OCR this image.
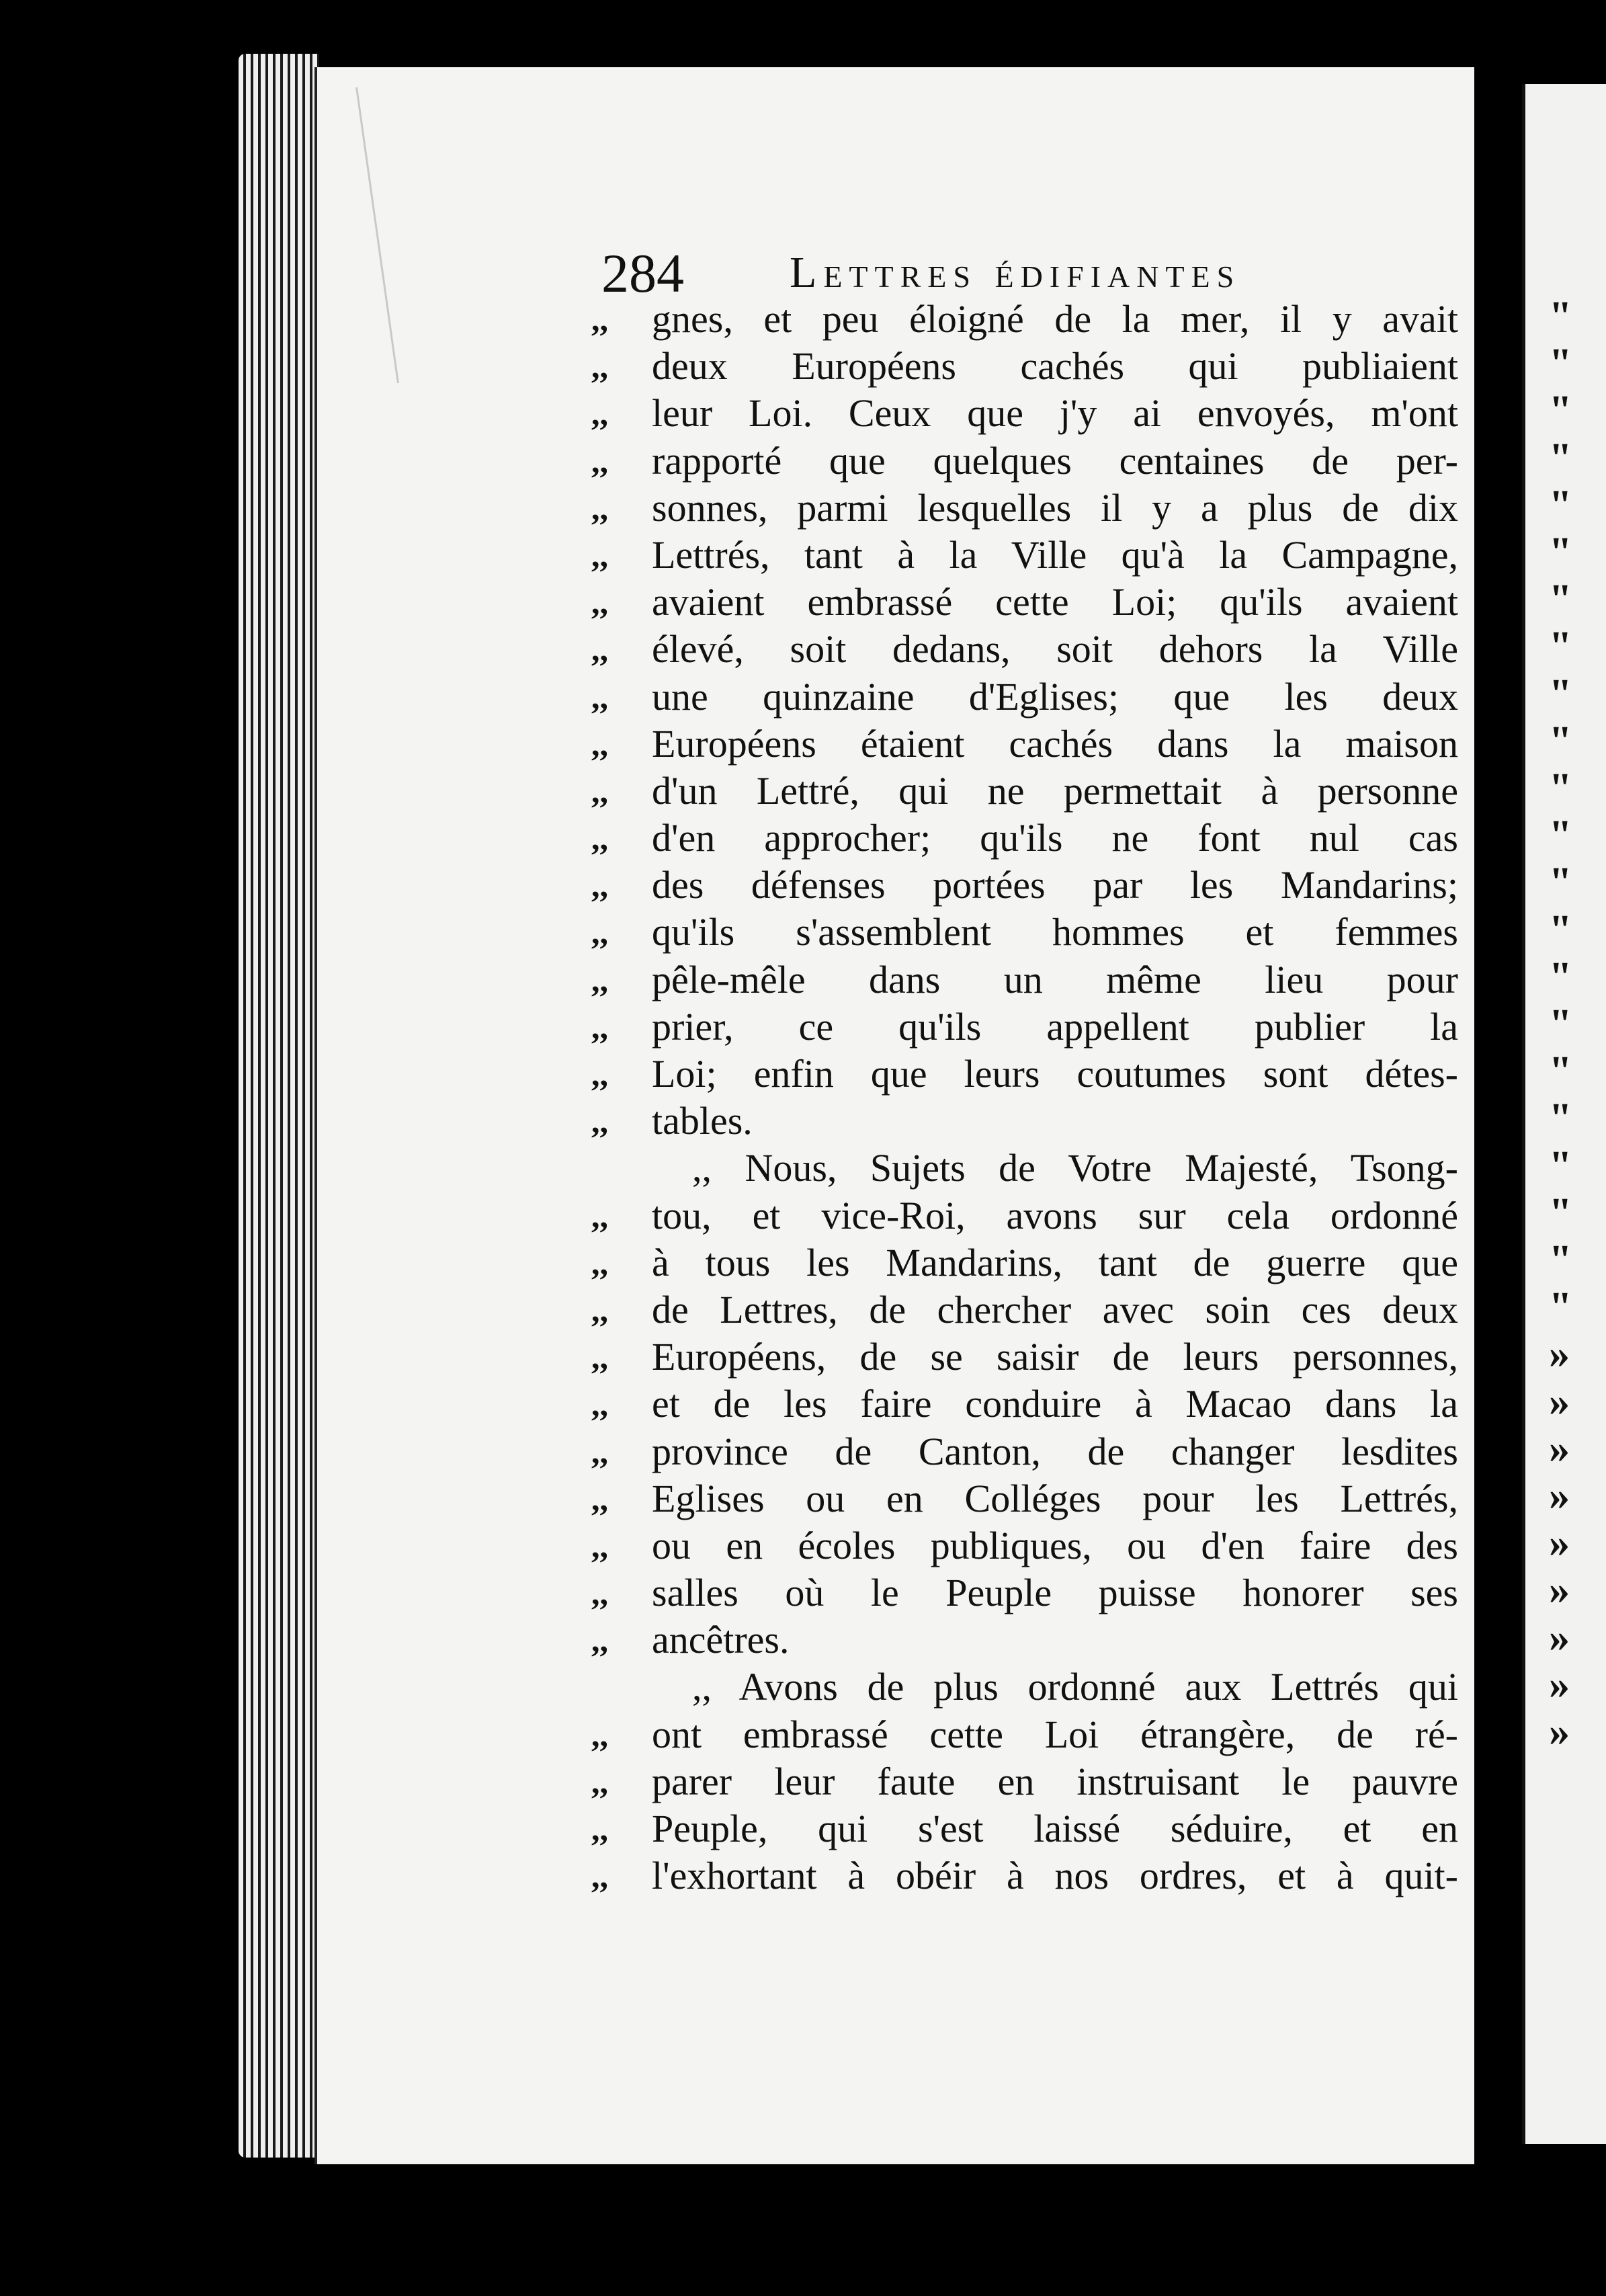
"
"
"
"
"
"
"
"
"
"
"
"
"
"
"
"
"
"
"
"
"
"
»
»
»
»
»
»
»
»
»
284 Lettres édifiantes
,,	gnes, et peu éloigné de la mer, il y avait
,,	deux Européens cachés qui publiaient
,,	leur Loi. Ceux que j'y ai envoyés, m'ont
,,	rapporté que quelques centaines de per-
,,	sonnes, parmi lesquelles il y a plus de dix
,,	Lettrés, tant à la Ville qu'à la Campagne,
,,	avaient embrassé cette Loi; qu'ils avaient
,,	élevé, soit dedans, soit dehors la Ville
,,	une quinzaine d'Eglises; que les deux
,,	Européens étaient cachés dans la maison
,,	d'un Lettré, qui ne permettait à personne
,,	d'en approcher; qu'ils ne font nul cas
,,	des défenses portées par les Mandarins;
,,	qu'ils s'assemblent hommes et femmes
,,	pêle-mêle dans un même lieu pour
,,	prier, ce qu'ils appellent publier la
,,	Loi; enfin que leurs coutumes sont détes-
,,	tables.
,, Nous, Sujets de Votre Majesté, Tsong-
,,	tou, et vice-Roi, avons sur cela ordonné
,,	à tous les Mandarins, tant de guerre que
,,	de Lettres, de chercher avec soin ces deux
,,	Européens, de se saisir de leurs personnes,
,,	et de les faire conduire à Macao dans la
,,	province de Canton, de changer lesdites
,,	Eglises ou en Colléges pour les Lettrés,
,,	ou en écoles publiques, ou d'en faire des
,,	salles où le Peuple puisse honorer ses
,,	ancêtres.
,, Avons de plus ordonné aux Lettrés qui
,,	ont embrassé cette Loi étrangère, de ré-
,,	parer leur faute en instruisant le pauvre
,,	Peuple, qui s'est laissé séduire, et en
,,	l'exhortant à obéir à nos ordres, et à quit-
